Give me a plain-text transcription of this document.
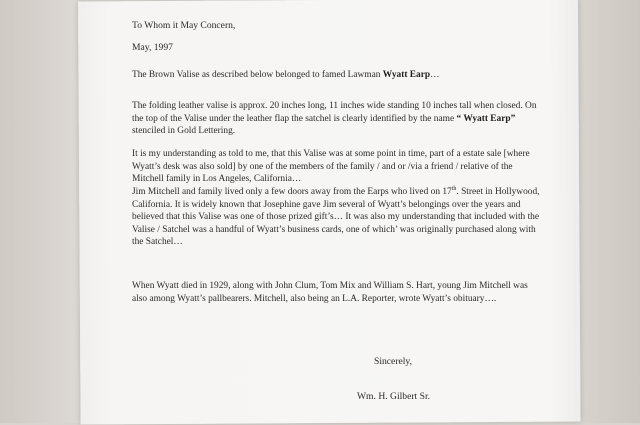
To Whom it May Concern,
May, 1997
The Brown Valise as described below belonged to famed Lawman Wyatt Earp…
The folding leather valise is approx. 20 inches long, 11 inches wide standing 10 inches tall when closed. On the top of the Valise under the leather flap the satchel is clearly identified by the name “ Wyatt Earp” stenciled in Gold Lettering.
It is my understanding as told to me, that this Valise was at some point in time, part of a estate sale [where Wyatt’s desk was also sold] by one of the members of the family / and or /via a friend / relative of the Mitchell family in Los Angeles, California…
Jim Mitchell and family lived only a few doors away from the Earps who lived on 17th. Street in Hollywood, California. It is widely known that Josephine gave Jim several of Wyatt’s belongings over the years and believed that this Valise was one of those prized gift’s… It was also my understanding that included with the Valise / Satchel was a handful of Wyatt’s business cards, one of which’ was originally purchased along with the Satchel…
When Wyatt died in 1929, along with John Clum, Tom Mix and William S. Hart, young Jim Mitchell was also among Wyatt’s pallbearers. Mitchell, also being an L.A. Reporter, wrote Wyatt’s obituary….
Sincerely,
Wm. H. Gilbert Sr.
